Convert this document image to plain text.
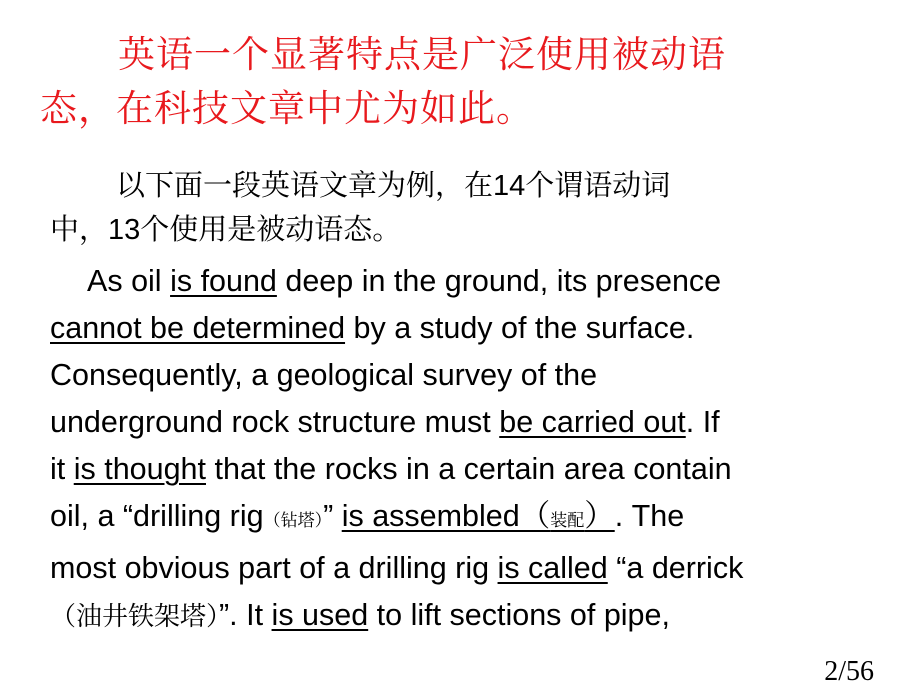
英语一个显著特点是广泛使用被动语
态，在科技文章中尤为如此。
以下面一段英语文章为例，在14个谓语动词
中，13个使用是被动语态。
As oil is found deep in the ground, its presence
cannot be determined by a study of the surface.
Consequently, a geological survey of the
underground rock structure must be carried out. If
it is thought that the rocks in a certain area contain
oil, a “drilling rig（钻塔）” is assembled（装配）. The
most obvious part of a drilling rig is called “a derrick
（油井铁架塔）”. It is used to lift sections of pipe,
2/56
